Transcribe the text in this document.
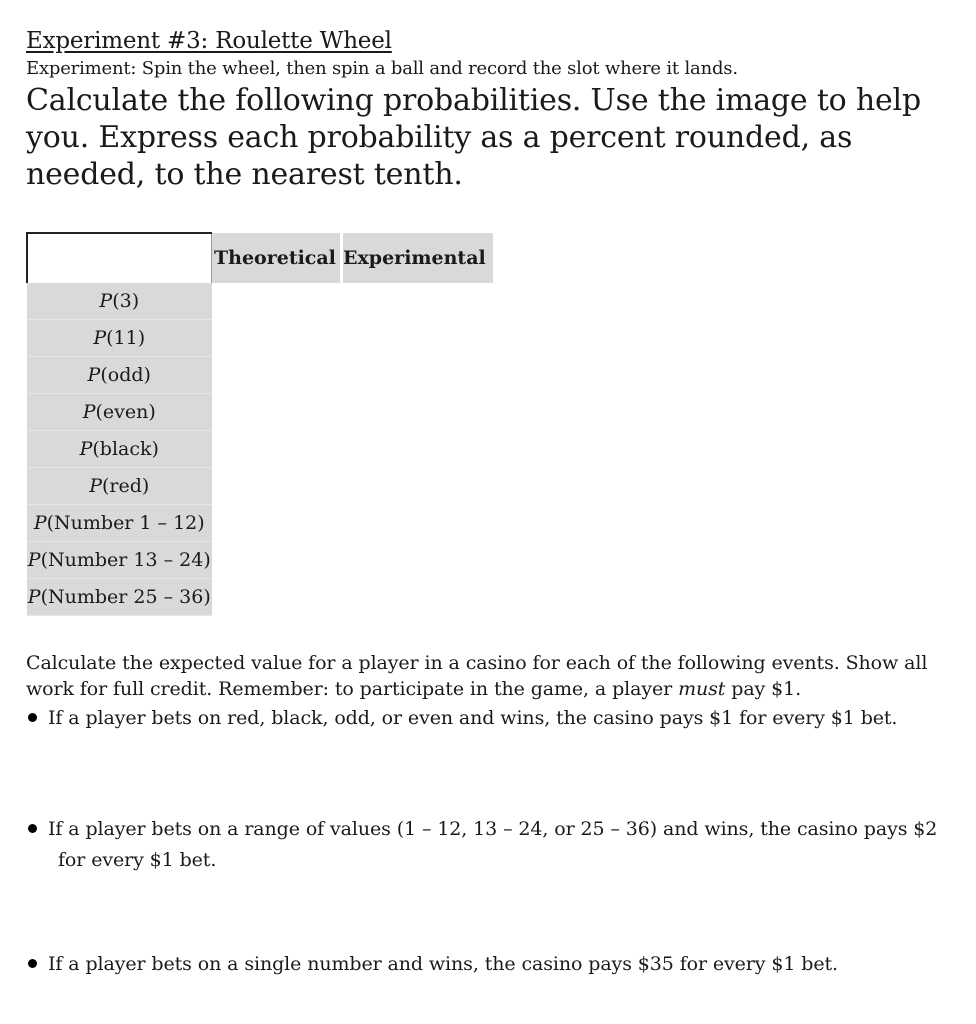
Experiment #3: Roulette Wheel
Experiment: Spin the wheel, then spin a ball and record the slot where it lands.
Calculate the following probabilities. Use the image to help you. Express each probability as a percent rounded, as needed, to the nearest tenth.
	Theoretical	Experimental
P(3)		
P(11)		
P(odd)		
P(even)		
P(black)		
P(red)		
P(Number 1 – 12)		
P(Number 13 – 24)		
P(Number 25 – 36)		
Calculate the expected value for a player in a casino for each of the following events. Show all work for full credit. Remember: to participate in the game, a player must pay $1.
If a player bets on red, black, odd, or even and wins, the casino pays $1 for every $1 bet.
If a player bets on a range of values (1 – 12, 13 – 24, or 25 – 36) and wins, the casino pays $2 for every $1 bet.
If a player bets on a single number and wins, the casino pays $35 for every $1 bet.
